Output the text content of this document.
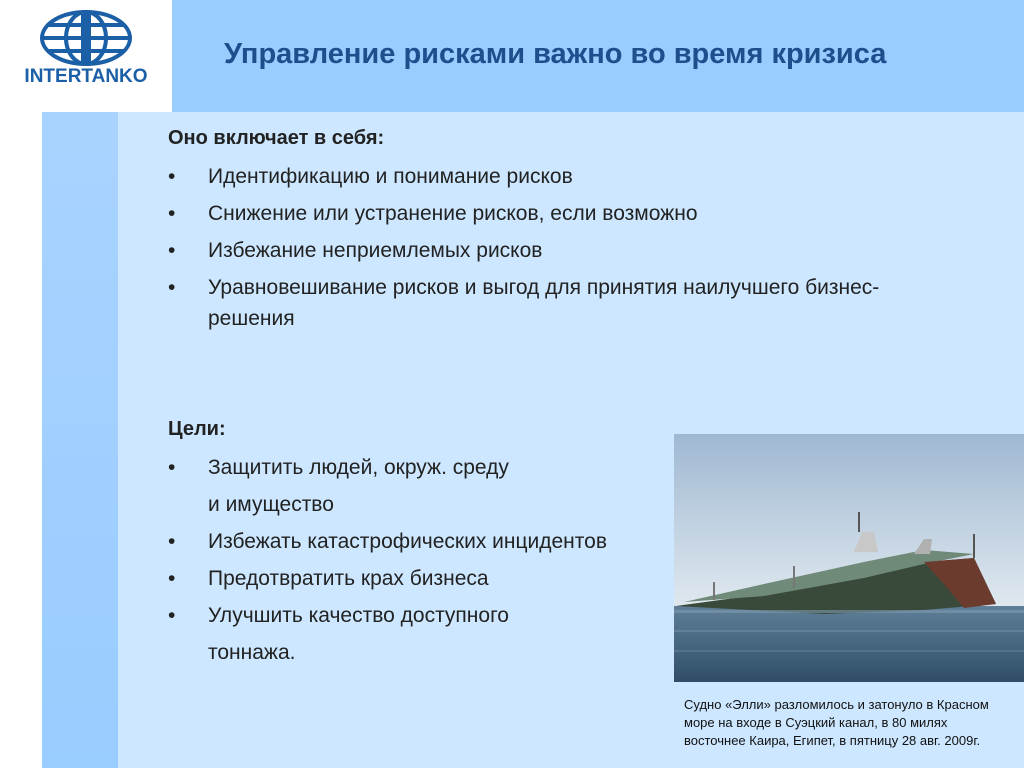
INTERTANKO
Управление рисками важно во время кризиса
Оно включает в себя:
• Идентификацию и понимание рисков
• Снижение или устранение рисков, если возможно
• Избежание неприемлемых рисков
• Уравновешивание рисков и выгод для принятия наилучшего бизнес-решения
Цели:
• Защитить людей, окруж. среду
и имущество
• Избежать катастрофических инцидентов
• Предотвратить крах бизнеса
• Улучшить качество доступного
тоннажа.
Судно «Элли» разломилось и затонуло в Красном море на входе в Суэцкий канал, в 80 милях восточнее Каира, Египет, в пятницу 28 авг. 2009г.
